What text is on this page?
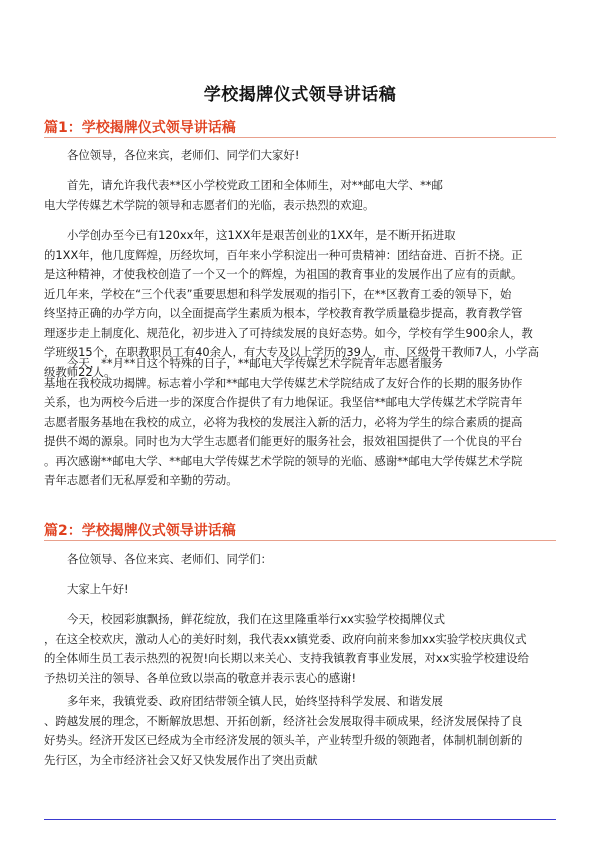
学校揭牌仪式领导讲话稿
篇1：学校揭牌仪式领导讲话稿
各位领导，各位来宾，老师们、同学们大家好!
首先，请允许我代表**区小学校党政工团和全体师生，对**邮电大学、**邮
电大学传媒艺术学院的领导和志愿者们的光临，表示热烈的欢迎。
小学创办至今已有120xx年，这1XX年是艰苦创业的1XX年，是不断开拓进取
的1XX年，他几度辉煌，历经坎坷，百年来小学积淀出一种可贵精神：团结奋进、百折不挠。正
是这种精神，才使我校创造了一个又一个的辉煌，为祖国的教育事业的发展作出了应有的贡献。
近几年来，学校在“三个代表”重要思想和科学发展观的指引下，在**区教育工委的领导下，始
终坚持正确的办学方向，以全面提高学生素质为根本，学校教育教学质量稳步提高，教育教学管
理逐步走上制度化、规范化，初步进入了可持续发展的良好态势。如今，学校有学生900余人，教
学班级15个，在职教职员工有40余人，有大专及以上学历的39人，市、区级骨干教师7人，小学高
级教师22人。
今天，**月**日这个特殊的日子，**邮电大学传媒艺术学院青年志愿者服务
基地在我校成功揭牌。标志着小学和**邮电大学传媒艺术学院结成了友好合作的长期的服务协作
关系，也为两校今后进一步的深度合作提供了有力地保证。我坚信**邮电大学传媒艺术学院青年
志愿者服务基地在我校的成立，必将为我校的发展注入新的活力，必将为学生的综合素质的提高
提供不竭的源泉。同时也为大学生志愿者们能更好的服务社会，报效祖国提供了一个优良的平台
。再次感谢**邮电大学、**邮电大学传媒艺术学院的领导的光临、感谢**邮电大学传媒艺术学院
青年志愿者们无私厚爱和辛勤的劳动。
篇2：学校揭牌仪式领导讲话稿
各位领导、各位来宾、老师们、同学们：
大家上午好!
今天，校园彩旗飘扬，鲜花绽放，我们在这里隆重举行xx实验学校揭牌仪式
，在这全校欢庆，激动人心的美好时刻，我代表xx镇党委、政府向前来参加xx实验学校庆典仪式
的全体师生员工表示热烈的祝贺!向长期以来关心、支持我镇教育事业发展，对xx实验学校建设给
予热切关注的领导、各单位致以崇高的敬意并表示衷心的感谢!
多年来，我镇党委、政府团结带领全镇人民，始终坚持科学发展、和谐发展
、跨越发展的理念，不断解放思想、开拓创新，经济社会发展取得丰硕成果，经济发展保持了良
好势头。经济开发区已经成为全市经济发展的领头羊，产业转型升级的领跑者，体制机制创新的
先行区，为全市经济社会又好又快发展作出了突出贡献
